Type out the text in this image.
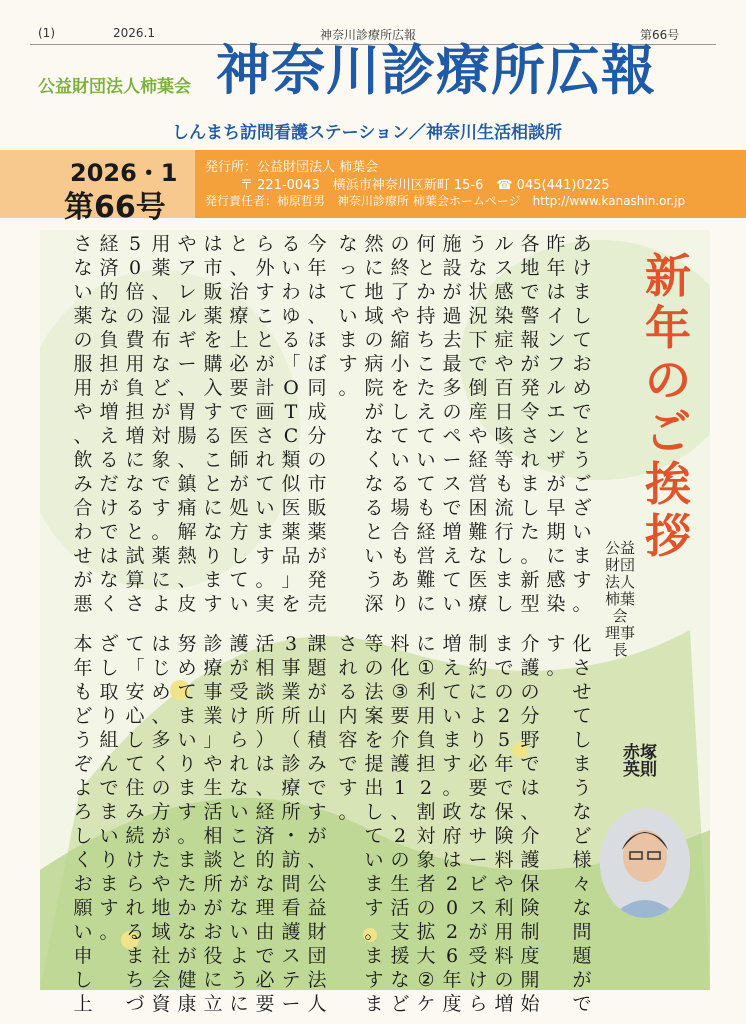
(1)	2026.1	神奈川診療所広報	第66号
公益財団法人柿葉会 神奈川診療所広報
しんまち訪問看護ステーション／神奈川生活相談所
2026・1
第66号
発行所：公益財団法人 柿葉会
〒 221-0043　横浜市神奈川区新町 15-6　☎ 045(441)0225
発行責任者：柿原哲男　神奈川診療所 柿葉会ホームページ　http://www.kanashin.or.jp
新年のご挨拶
公益財団法人柿葉会　理事長
赤塚英則
あ
け
ま
し
て
お
め
で
と
う
ご
ざ
い
ま
す
。
昨
年
は
イ
ン
フ
ル
エ
ン
ザ
が
早
期
に
感
染
各
地
で
警
報
が
発
令
さ
れ
ま
し
た
。
新
型
ル
ス
感
染
症
や
百
日
咳
等
も
流
行
し
ま
し
う
な
状
況
下
で
倒
産
や
経
営
困
難
な
医
療
施
設
が
過
去
最
多
の
ペ
ー
ス
で
増
え
て
い
何
と
か
持
ち
こ
た
え
て
い
て
も
経
営
難
に
の
終
了
や
縮
小
を
し
て
い
る
場
合
も
あ
り
然
に
地
域
の
病
院
が
な
く
な
る
と
い
う
深
な
っ
て
い
ま
す
。
今
年
は
、
ほ
ぼ
同
成
分
の
市
販
薬
が
発
売
る
い
わ
ゆ
る
「
O
T
C
類
似
医
薬
品
」
を
ら
外
す
こ
と
が
計
画
さ
れ
て
い
ま
す
。
実
と
、
治
療
上
必
要
で
医
師
が
処
方
し
て
い
は
市
販
薬
を
購
入
す
る
こ
と
に
な
り
ま
す
や
ア
レ
ル
ギ
ー
、
胃
腸
、
鎮
痛
解
熱
、
皮
用
薬
、
湿
布
な
ど
が
対
象
で
す
。
薬
に
よ
5
0
倍
の
費
用
負
担
増
に
な
る
と
試
算
さ
経
済
的
な
負
担
が
増
え
る
だ
け
で
は
な
く
さ
な
い
薬
の
服
用
や
、
飲
み
合
わ
せ
が
悪
化
さ
せ
て
し
ま
う
な
ど
様
々
な
問
題
が
で
す
。
介
護
の
分
野
で
は
、
介
護
保
険
制
度
開
始
ま
で
の
2
5
年
で
保
険
料
や
利
用
料
の
増
制
約
に
よ
り
必
要
な
サ
ー
ビ
ス
が
受
け
ら
増
え
て
い
ま
す
。
政
府
は
2
0
2
6
年
度
に
①
利
用
負
担
2
割
対
象
者
の
拡
大
②
ケ
料
化
③
要
介
護
1
、
2
の
生
活
支
援
な
ど
等
の
法
案
を
提
出
し
て
い
ま
す
。
ま
す
ま
さ
れ
る
内
容
で
す
。
課
題
が
山
積
み
で
す
が
、
公
益
財
団
法
人
3
事
業
所
（
診
療
所
・
訪
問
看
護
ス
テ
ー
活
相
談
所
）
は
、
経
済
的
な
理
由
で
必
要
護
が
受
け
ら
れ
な
い
こ
と
が
な
い
よ
う
に
診
療
事
業
」
や
生
活
相
談
所
が
お
役
に
立
努
め
て
ま
い
り
ま
す
。
ま
た
か
な
が
健
康
は
じ
め
、
多
く
の
方
が
た
や
地
域
社
会
資
て
「
安
心
し
て
住
み
続
け
ら
れ
る
ま
ち
づ
ざ
し
取
り
組
ん
で
ま
い
り
ま
す
。
本
年
も
ど
う
ぞ
よ
ろ
し
く
お
願
い
申
し
上
